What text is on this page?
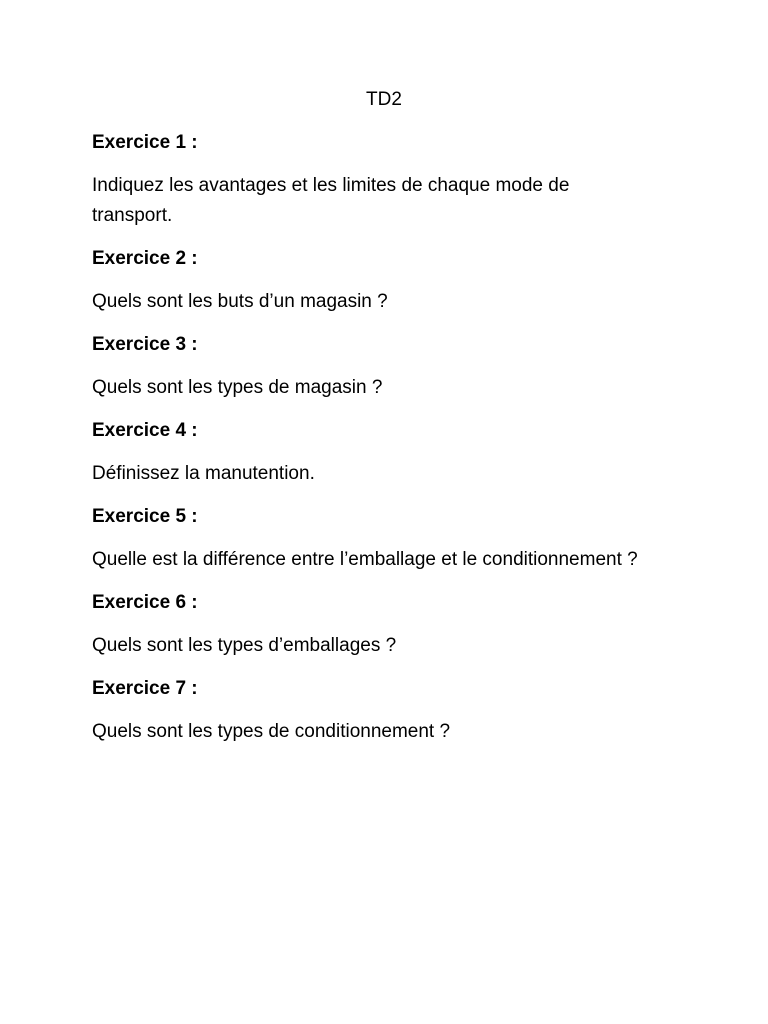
TD2
Exercice 1 :
Indiquez les avantages et les limites de chaque mode de transport.
Exercice 2 :
Quels sont les buts d’un magasin ?
Exercice 3 :
Quels sont les types de magasin ?
Exercice 4 :
Définissez la manutention.
Exercice 5 :
Quelle est la différence entre l’emballage et le conditionnement ?
Exercice 6 :
Quels sont les types d’emballages ?
Exercice 7 :
Quels sont les types de conditionnement ?
